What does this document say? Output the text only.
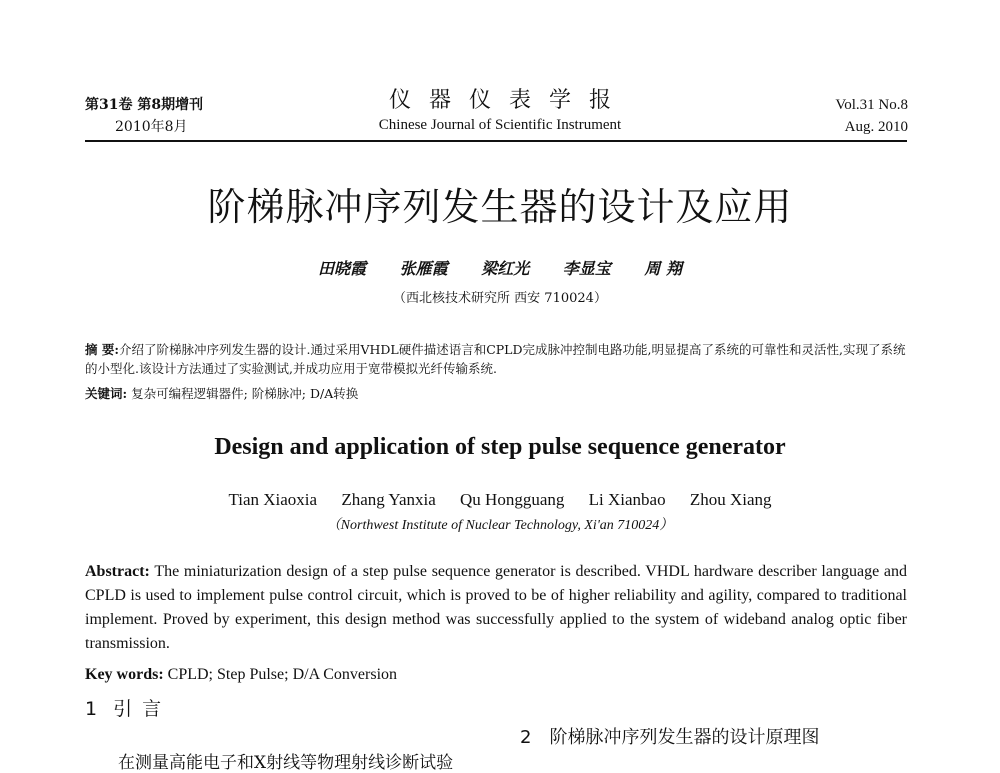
第31卷 第8期增刊
2010年8月
仪器仪表学报
Chinese Journal of Scientific Instrument
Vol.31 No.8
Aug. 2010
阶梯脉冲序列发生器的设计及应用
田晓霞 张雁霞 梁红光 李显宝 周 翔
（西北核技术研究所 西安 710024）
摘 要:介绍了阶梯脉冲序列发生器的设计.通过采用VHDL硬件描述语言和CPLD完成脉冲控制电路功能,明显提高了系统的可靠性和灵活性,实现了系统的小型化.该设计方法通过了实验测试,并成功应用于宽带模拟光纤传输系统.
关键词: 复杂可编程逻辑器件; 阶梯脉冲; D/A转换
Design and application of step pulse sequence generator
Tian Xiaoxia Zhang Yanxia Qu Hongguang Li Xianbao Zhou Xiang
（Northwest Institute of Nuclear Technology, Xi'an 710024）
Abstract: The miniaturization design of a step pulse sequence generator is described. VHDL hardware describer language and CPLD is used to implement pulse control circuit, which is proved to be of higher reliability and agility, compared to traditional implement. Proved by experiment, this design method was successfully applied to the system of wideband analog optic fiber transmission.
Key words: CPLD; Step Pulse; D/A Conversion
1 引言
2 阶梯脉冲序列发生器的设计原理图
在测量高能电子和X射线等物理射线诊断试验
